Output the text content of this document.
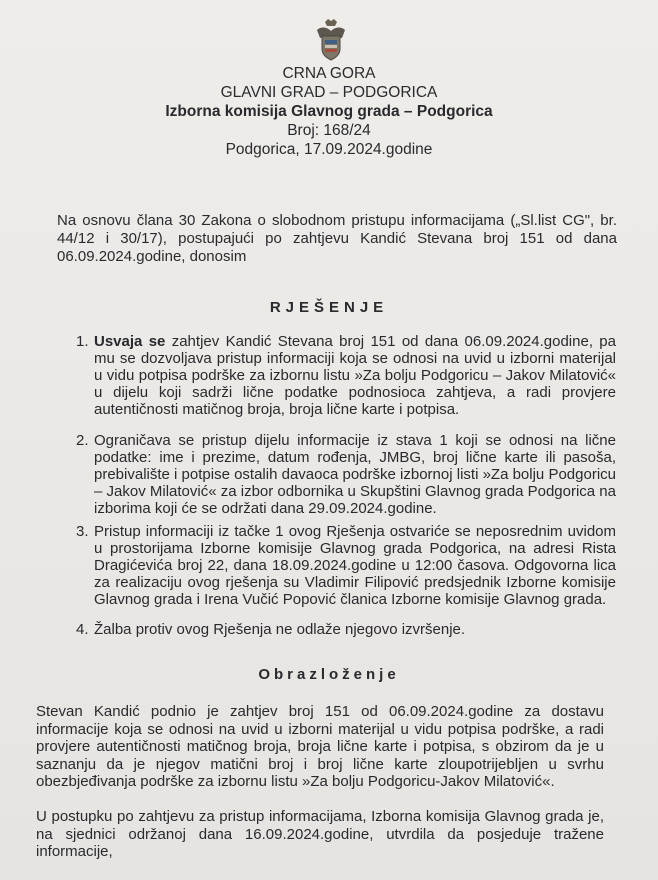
CRNA GORA
GLAVNI GRAD – PODGORICA
Izborna komisija Glavnog grada – Podgorica
Broj: 168/24
Podgorica, 17.09.2024.godine
Na osnovu člana 30 Zakona o slobodnom pristupu informacijama („Sl.list CG", br. 44/12 i 30/17), postupajući po zahtjevu Kandić Stevana broj 151 od dana 06.09.2024.godine, donosim
RJEŠENJE
1. Usvaja se zahtjev Kandić Stevana broj 151 od dana 06.09.2024.godine, pa mu se dozvoljava pristup informaciji koja se odnosi na uvid u izborni materijal u vidu potpisa podrške za izbornu listu »Za bolju Podgoricu – Jakov Milatović« u dijelu koji sadrži lične podatke podnosioca zahtjeva, a radi provjere autentičnosti matičnog broja, broja lične karte i potpisa.
2. Ograničava se pristup dijelu informacije iz stava 1 koji se odnosi na lične podatke: ime i prezime, datum rođenja, JMBG, broj lične karte ili pasoša, prebivalište i potpise ostalih davaoca podrške izbornoj listi »Za bolju Podgoricu – Jakov Milatović« za izbor odbornika u Skupštini Glavnog grada Podgorica na izborima koji će se održati dana 29.09.2024.godine.
3. Pristup informaciji iz tačke 1 ovog Rješenja ostvariće se neposrednim uvidom u prostorijama Izborne komisije Glavnog grada Podgorica, na adresi Rista Dragićevića broj 22, dana 18.09.2024.godine u 12:00 časova. Odgovorna lica za realizaciju ovog rješenja su Vladimir Filipović predsjednik Izborne komisije Glavnog grada i Irena Vučić Popović članica Izborne komisije Glavnog grada.
4. Žalba protiv ovog Rješenja ne odlaže njegovo izvršenje.
Obrazloženje
Stevan Kandić podnio je zahtjev broj 151 od 06.09.2024.godine za dostavu informacije koja se odnosi na uvid u izborni materijal u vidu potpisa podrške, a radi provjere autentičnosti matičnog broja, broja lične karte i potpisa, s obzirom da je u saznanju da je njegov matični broj i broj lične karte zloupotrijebljen u svrhu obezbjeđivanja podrške za izbornu listu »Za bolju Podgoricu-Jakov Milatović«.
U postupku po zahtjevu za pristup informacijama, Izborna komisija Glavnog grada je, na sjednici održanoj dana 16.09.2024.godine, utvrdila da posjeduje tražene informacije,
